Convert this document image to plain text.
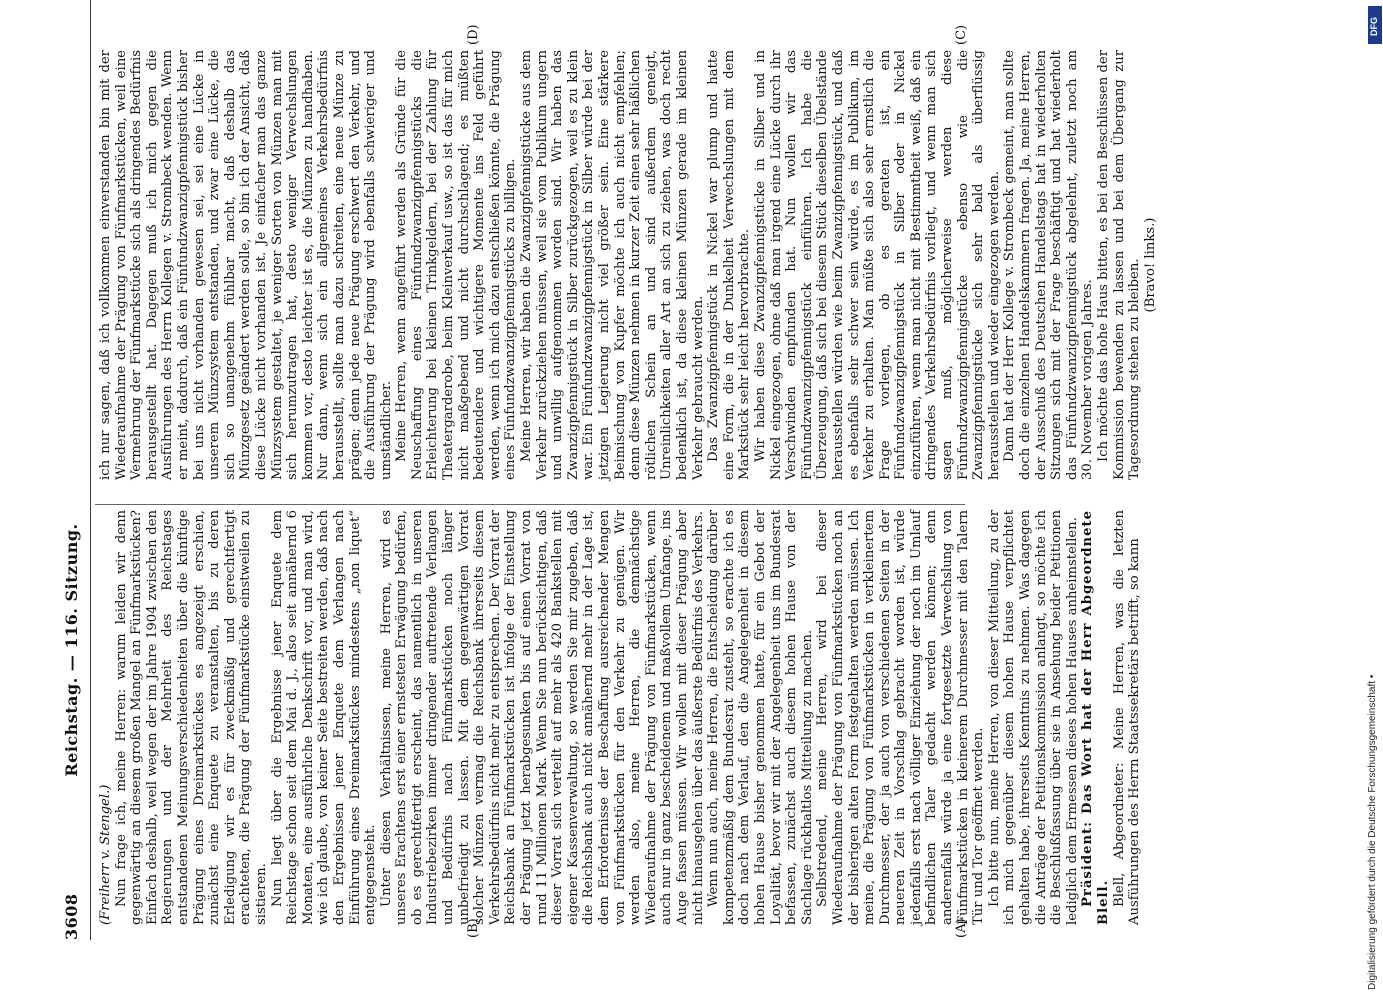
3608
Reichstag. — 116. Sitzung.

(Freiherr v. Stengel.) Nun frage ich, meine Herren: warum leiden wir denn gegenwärtig an diesem großen Mangel an Fünfmarkstücken? Einfach deshalb, weil wegen der im Jahre 1904 zwischen den Regierungen und der Mehrheit des Reichstages entstandenen Meinungsverschiedenheiten über die künftige Prägung eines Dreimarkstückes es angezeigt erschien, zunächst eine Enquete zu veranstalten, bis zu deren Erledigung wir es für zweckmäßig und gerechtfertigt erachteten, die Prägung der Fünfmarkstücke einstweilen zu sistieren. Nun liegt über die Ergebnisse jener Enquete dem Reichstage schon seit dem Mai d. J., also seit annähernd 6 Monaten, eine ausführliche Denkschrift vor, und man wird, wie ich glaube, von keiner Seite bestreiten werden, daß nach den Ergebnissen jener Enquete dem Verlangen nach Einführung eines Dreimarkstückes mindestens „non liquet“ entgegensteht. Unter diesen Verhältnissen, meine Herren, wird es unseres Erachtens erst einer ernstesten Erwägung bedürfen, ob es gerechtfertigt erscheint, das namentlich in unseren Industriebezirken immer dringender auftretende Verlangen und Bedürfnis nach Fünfmarkstücken noch länger unbefriedigt zu lassen. Mit dem gegenwärtigen Vorrat solcher Münzen vermag die Reichsbank ihrerseits diesem Verkehrsbedürfnis nicht mehr zu entsprechen. Der Vorrat der Reichsbank an Fünfmarkstücken ist infolge der Einstellung der Prägung jetzt herabgesunken bis auf einen Vorrat von rund 11 Millionen Mark. Wenn Sie nun berücksichtigen, daß dieser Vorrat sich verteilt auf mehr als 420 Bankstellen mit eigener Kassenverwaltung, so werden Sie mir zugeben, daß die Reichsbank auch nicht annähernd mehr in der Lage ist, dem Erfordernisse der Beschaffung ausreichender Mengen von Fünfmarkstücken für den Verkehr zu genügen. Wir werden also, meine Herren, die demnächstige Wiederaufnahme der Prägung von Fünfmarkstücken, wenn auch nur in ganz bescheidenem und maßvollem Umfange, ins Auge fassen müssen. Wir wollen mit dieser Prägung aber nicht hinausgehen über das äußerste Bedürfnis des Verkehrs. Wenn nun auch, meine Herren, die Entscheidung darüber kompetenzmäßig dem Bundesrat zusteht, so erachte ich es doch nach dem Verlauf, den die Angelegenheit in diesem hohen Hause bisher genommen hatte, für ein Gebot der Loyalität, bevor wir mit der Angelegenheit uns im Bundesrat befassen, zunächst auch diesem hohen Hause von der Sachlage rückhaltlos Mitteilung zu machen. Selbstredend, meine Herren, wird bei dieser Wiederaufnahme der Prägung von Fünfmarkstücken noch an der bisherigen alten Form festgehalten werden müssen. Ich meine, die Prägung von Fünfmarkstücken in verkleinertem Durchmesser, der ja auch von verschiedenen Seiten in der neueren Zeit in Vorschlag gebracht worden ist, würde jedenfalls erst nach völliger Einziehung der noch im Umlauf befindlichen Taler gedacht werden können; denn anderenfalls würde ja eine fortgesetzte Verwechslung von Fünfmarkstücken in kleinerem Durchmesser mit den Talern Tür und Tor geöffnet werden. Ich bitte nun, meine Herren, von dieser Mitteilung, zu der ich mich gegenüber diesem hohen Hause verpflichtet gehalten habe, ihrerseits Kenntnis zu nehmen. Was dagegen die Anträge der Petitionskommission anlangt, so möchte ich die Beschlußfassung über sie in Ansehung beider Petitionen lediglich dem Ermessen dieses hohen Hauses anheimstellen. Präsident: Das Wort hat der Herr Abgeordnete Blell. Blell, Abgeordneter: Meine Herren, was die letzten Ausführungen des Herrn Staatssekretärs betrifft, so kann

ich nur sagen, daß ich vollkommen einverstanden bin mit der Wiederaufnahme der Prägung von Fünfmarkstücken, weil eine Vermehrung der Fünfmarkstücke sich als dringendes Bedürfnis herausgestellt hat. Dagegen muß ich mich gegen die Ausführungen des Herrn Kollegen v. Strombeck wenden. Wenn er meint, dadurch, daß ein Fünfundzwanzigpfennigstück bisher bei uns nicht vorhanden gewesen sei, sei eine Lücke in unserem Münzsystem entstanden, und zwar eine Lücke, die sich so unangenehm fühlbar macht, daß deshalb das Münzgesetz geändert werden solle, so bin ich der Ansicht, daß diese Lücke nicht vorhanden ist. Je einfacher man das ganze Münzsystem gestaltet, je weniger Sorten von Münzen man mit sich herumzutragen hat, desto weniger Verwechslungen kommen vor, desto leichter ist es, die Münzen zu handhaben. Nur dann, wenn sich ein allgemeines Verkehrsbedürfnis herausstellt, sollte man dazu schreiten, eine neue Münze zu prägen; denn jede neue Prägung erschwert den Verkehr, und die Ausführung der Prägung wird ebenfalls schwieriger und umständlicher. Meine Herren, wenn angeführt werden als Gründe für die Neuschaffung eines Fünfundzwanzigpfennigstücks die Erleichterung bei kleinen Trinkgeldern, bei der Zahlung für Theatergarderobe, beim Kleinverkauf usw., so ist das für mich nicht maßgebend und nicht durchschlagend; es müßten bedeutendere und wichtigere Momente ins Feld geführt werden, wenn ich mich dazu entschließen könnte, die Prägung eines Fünfundzwanzigpfennigstücks zu billigen. Meine Herren, wir haben die Zwanzigpfennigstücke aus dem Verkehr zurückziehen müssen, weil sie vom Publikum ungern und unwillig aufgenommen worden sind. Wir haben das Zwanzigpfennigstück in Silber zurückgezogen, weil es zu klein war. Ein Fünfundzwanzigpfennigstück in Silber würde bei der jetzigen Legierung nicht viel größer sein. Eine stärkere Beimischung von Kupfer möchte ich auch nicht empfehlen; denn diese Münzen nehmen in kurzer Zeit einen sehr häßlichen rötlichen Schein an und sind außerdem geneigt, Unreinlichkeiten aller Art an sich zu ziehen, was doch recht bedenklich ist, da diese kleinen Münzen gerade im kleinen Verkehr gebraucht werden. Das Zwanzigpfennigstück in Nickel war plump und hatte eine Form, die in der Dunkelheit Verwechslungen mit dem Markstück sehr leicht hervorbrachte. Wir haben diese Zwanzigpfennigstücke in Silber und in Nickel eingezogen, ohne daß man irgend eine Lücke durch ihr Verschwinden empfunden hat. Nun wollen wir das Fünfundzwanzigpfennigstück einführen. Ich habe die Überzeugung, daß sich bei diesem Stück dieselben Übelstände herausstellen würden wie beim Zwanzigpfennigstück, und daß es ebenfalls sehr schwer sein würde, es im Publikum, im Verkehr zu erhalten. Man müßte sich also sehr ernstlich die Frage vorlegen, ob es geraten ist, ein Fünfundzwanzigpfennigstück in Silber oder in Nickel einzuführen, wenn man nicht mit Bestimmtheit weiß, daß ein dringendes Verkehrsbedürfnis vorliegt, und wenn man sich sagen muß, möglicherweise werden diese Fünfundzwanzigpfennigstücke ebenso wie die Zwanzigpfennigstücke sich sehr bald als überflüssig herausstellen und wieder eingezogen werden. Dann hat der Herr Kollege v. Strombeck gemeint, man sollte doch die einzelnen Handelskammern fragen. Ja, meine Herren, der Ausschuß des Deutschen Handelstags hat in wiederholten Sitzungen sich mit der Frage beschäftigt und hat wiederholt das Fünfundzwanzigpfennigstück abgelehnt, zuletzt noch am 30. November vorigen Jahres. Ich möchte das hohe Haus bitten, es bei den Beschlüssen der Kommission bewenden zu lassen und bei dem Übergang zur Tagesordnung stehen zu bleiben. (Bravo! links.)

(A)
(B)
(C)
(D)
Digitalisierung gefördert durch die Deutsche Forschungsgemeinschaft •
DFG
